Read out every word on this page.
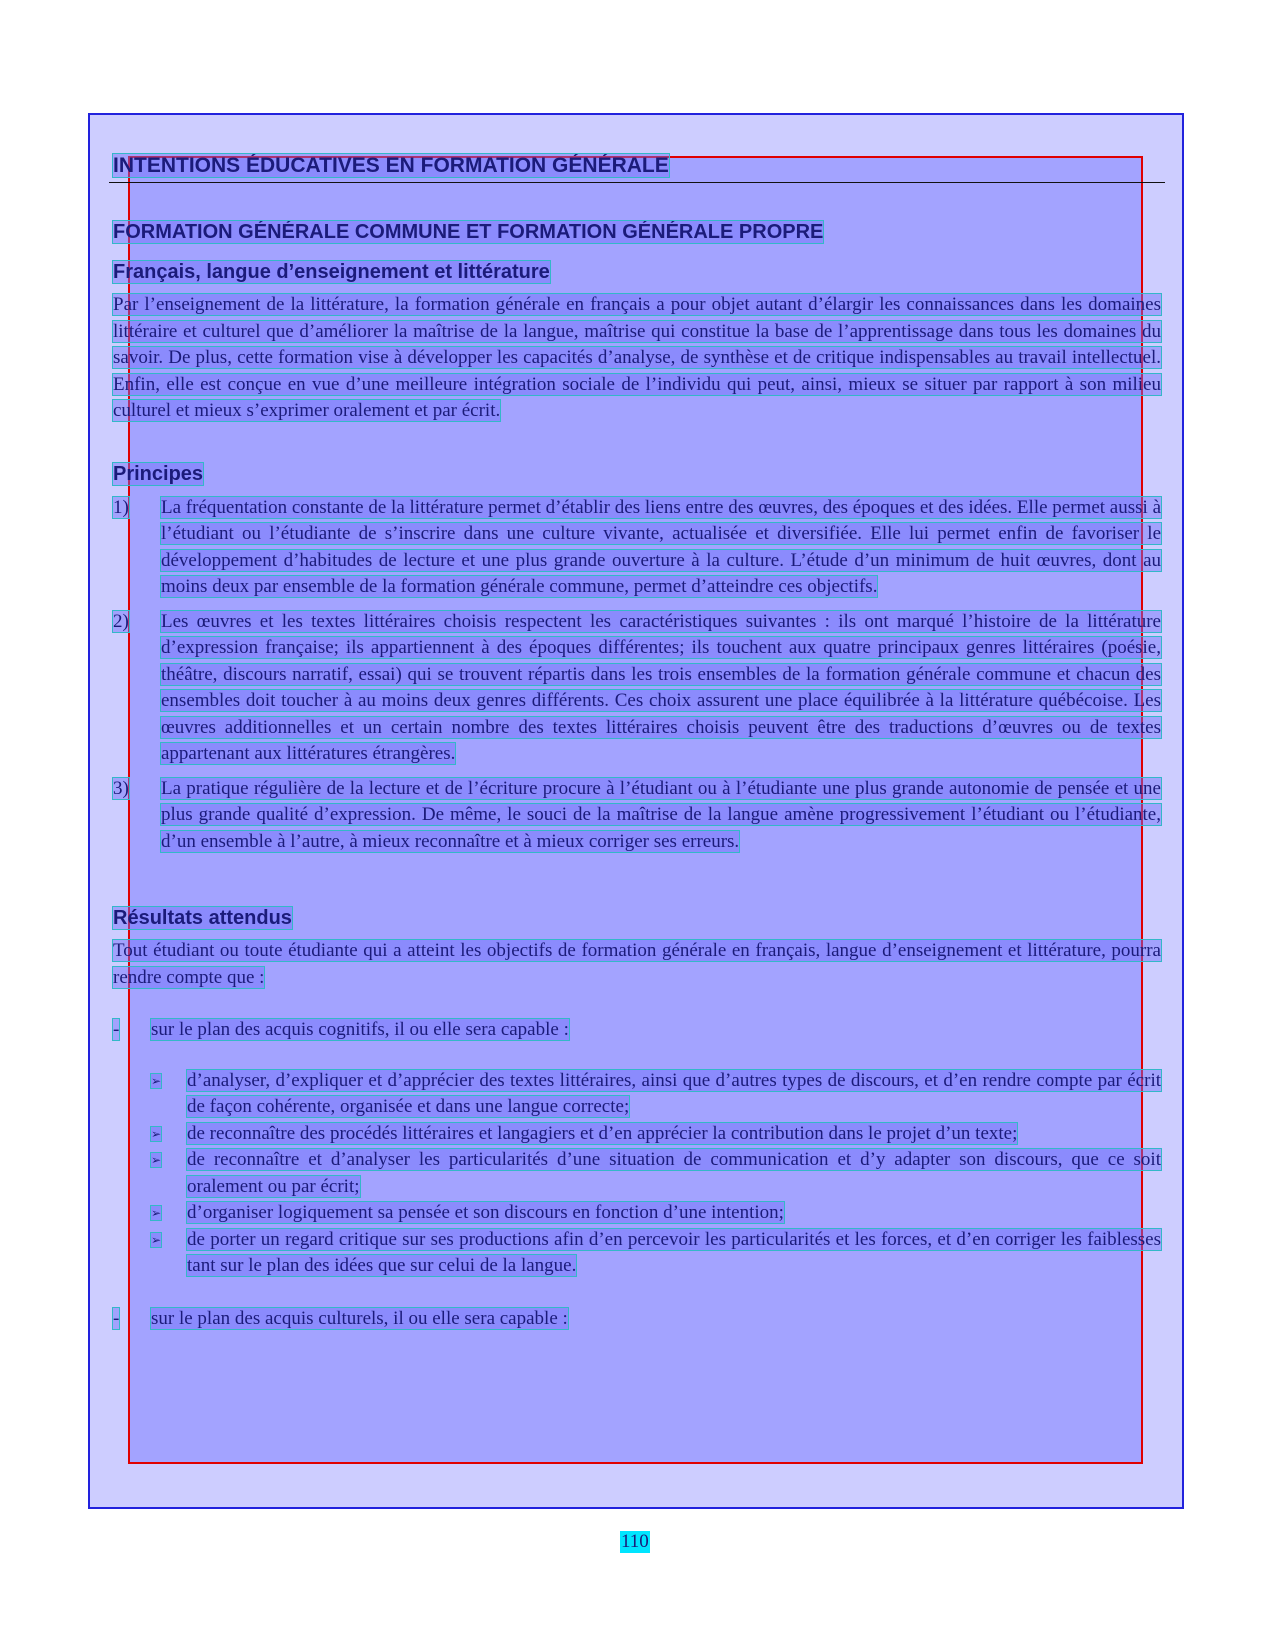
INTENTIONS ÉDUCATIVES EN FORMATION GÉNÉRALE
FORMATION GÉNÉRALE COMMUNE ET FORMATION GÉNÉRALE PROPRE
Français, langue d’enseignement et littérature
Par l’enseignement de la littérature, la formation générale en français a pour objet autant d’élargir les connaissances dans les domaines littéraire et culturel que d’améliorer la maîtrise de la langue, maîtrise qui constitue la base de l’apprentissage dans tous les domaines du savoir. De plus, cette formation vise à développer les capacités d’analyse, de synthèse et de critique indispensables au travail intellectuel. Enfin, elle est conçue en vue d’une meilleure intégration sociale de l’individu qui peut, ainsi, mieux se situer par rapport à son milieu culturel et mieux s’exprimer oralement et par écrit.
Principes
1)	La fréquentation constante de la littérature permet d’établir des liens entre des œuvres, des époques et des idées. Elle permet aussi à l’étudiant ou l’étudiante de s’inscrire dans une culture vivante, actualisée et diversifiée. Elle lui permet enfin de favoriser le développement d’habitudes de lecture et une plus grande ouverture à la culture. L’étude d’un minimum de huit œuvres, dont au moins deux par ensemble de la formation générale commune, permet d’atteindre ces objectifs.
2)	Les œuvres et les textes littéraires choisis respectent les caractéristiques suivantes : ils ont marqué l’histoire de la littérature d’expression française; ils appartiennent à des époques différentes; ils touchent aux quatre principaux genres littéraires (poésie, théâtre, discours narratif, essai) qui se trouvent répartis dans les trois ensembles de la formation générale commune et chacun des ensembles doit toucher à au moins deux genres différents. Ces choix assurent une place équilibrée à la littérature québécoise. Les œuvres additionnelles et un certain nombre des textes littéraires choisis peuvent être des traductions d’œuvres ou de textes appartenant aux littératures étrangères.
3)	La pratique régulière de la lecture et de l’écriture procure à l’étudiant ou à l’étudiante une plus grande autonomie de pensée et une plus grande qualité d’expression. De même, le souci de la maîtrise de la langue amène progressivement l’étudiant ou l’étudiante, d’un ensemble à l’autre, à mieux reconnaître et à mieux corriger ses erreurs.
Résultats attendus
Tout étudiant ou toute étudiante qui a atteint les objectifs de formation générale en français, langue d’enseignement et littérature, pourra rendre compte que :
-	sur le plan des acquis cognitifs, il ou elle sera capable :
➢	d’analyser, d’expliquer et d’apprécier des textes littéraires, ainsi que d’autres types de discours, et d’en rendre compte par écrit de façon cohérente, organisée et dans une langue correcte;
➢	de reconnaître des procédés littéraires et langagiers et d’en apprécier la contribution dans le projet d’un texte;
➢	de reconnaître et d’analyser les particularités d’une situation de communication et d’y adapter son discours, que ce soit oralement ou par écrit;
➢	d’organiser logiquement sa pensée et son discours en fonction d’une intention;
➢	de porter un regard critique sur ses productions afin d’en percevoir les particularités et les forces, et d’en corriger les faiblesses tant sur le plan des idées que sur celui de la langue.
-	sur le plan des acquis culturels, il ou elle sera capable :
110
